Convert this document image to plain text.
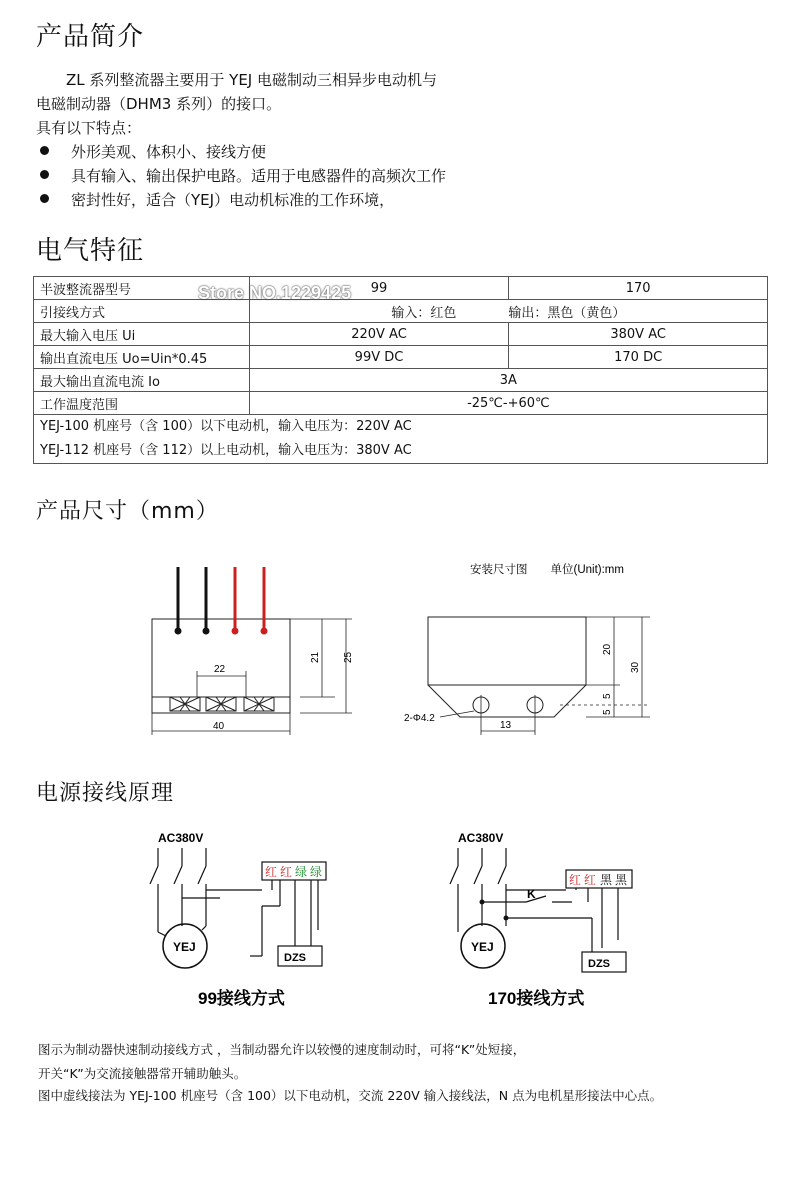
产品简介
ZL 系列整流器主要用于 YEJ 电磁制动三相异步电动机与
电磁制动器（DHM3 系列）的接口。
具有以下特点：
外形美观、体积小、接线方便
具有输入、输出保护电路。适用于电感器件的高频次工作
密封性好，适合（YEJ）电动机标准的工作环境，
电气特征
半波整流器型号	99	170
引接线方式	输入：红色　　　　输出：黑色（黄色）	
最大输入电压 Ui	220V AC	380V AC
输出直流电压 Uo=Uin*0.45	99V DC	170 DC
最大输出直流电流 Io	3A	
工作温度范围	-25℃-+60℃	

YEJ-100 机座号（含 100）以下电动机，输入电压为：220V AC
YEJ-112 机座号（含 112）以上电动机，输入电压为：380V AC		
Store NO.1229425
产品尺寸（mm）
22
40
21 25
安装尺寸图　　单位(Unit):mm
20
30
5
5
13
2-Φ4.2
电源接线原理
AC380V
YEJ
DZS
红 红 绿 绿
99接线方式
AC380V
K
YEJ
DZS
红 红 黑 黑
170接线方式
图示为制动器快速制动接线方式 ，当制动器允许以较慢的速度制动时，可将“K”处短接，
开关“K”为交流接触器常开辅助触头。
图中虚线接法为 YEJ-100 机座号（含 100）以下电动机，交流 220V 输入接线法，N 点为电机星形接法中心点。
